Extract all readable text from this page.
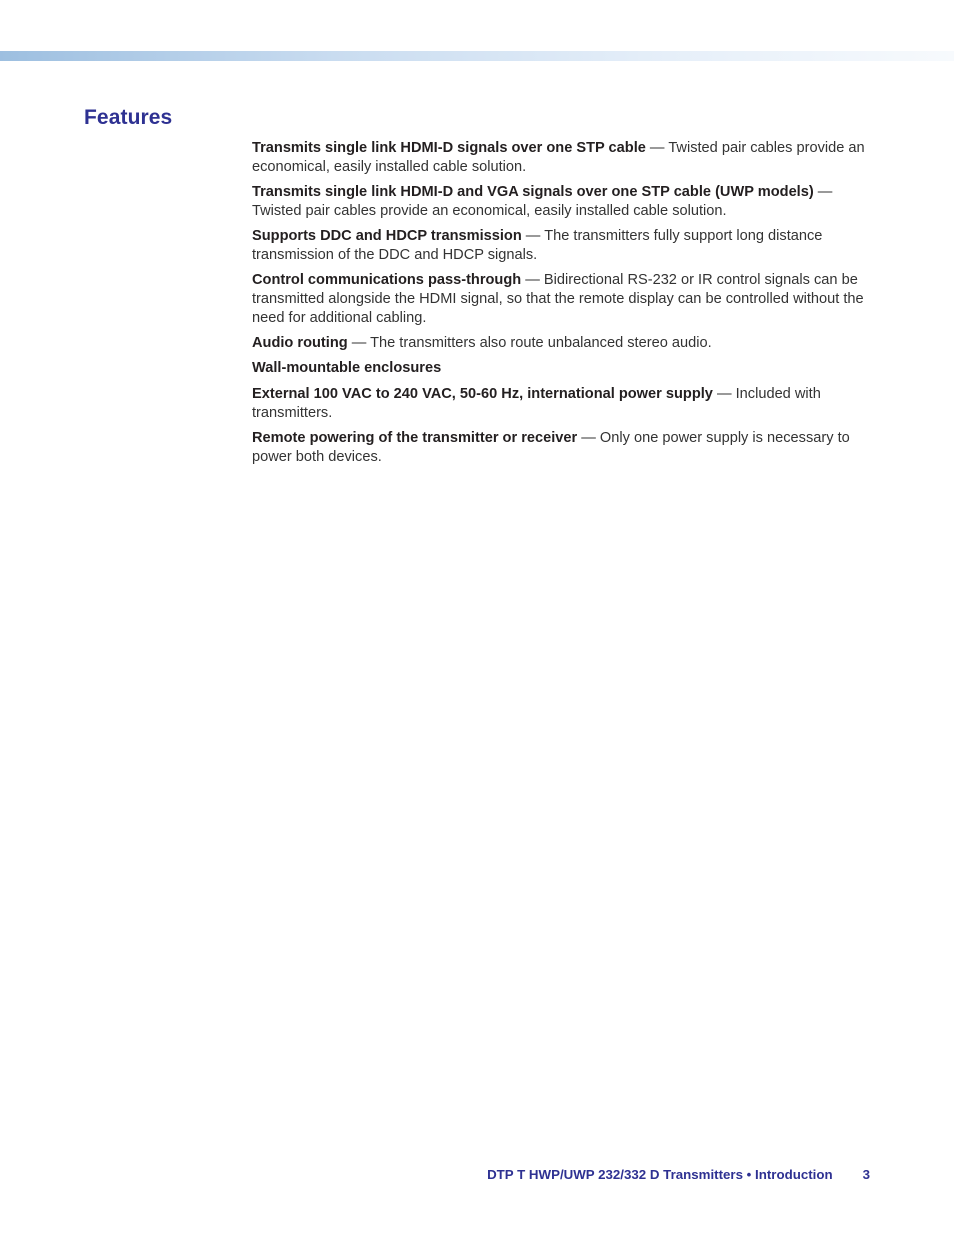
Features
Transmits single link HDMI-D signals over one STP cable — Twisted pair cables provide an economical, easily installed cable solution.
Transmits single link HDMI-D and VGA signals over one STP cable (UWP models) — Twisted pair cables provide an economical, easily installed cable solution.
Supports DDC and HDCP transmission — The transmitters fully support long distance transmission of the DDC and HDCP signals.
Control communications pass-through — Bidirectional RS-232 or IR control signals can be transmitted alongside the HDMI signal, so that the remote display can be controlled without the need for additional cabling.
Audio routing — The transmitters also route unbalanced stereo audio.
Wall-mountable enclosures
External 100 VAC to 240 VAC, 50-60 Hz, international power supply — Included with transmitters.
Remote powering of the transmitter or receiver — Only one power supply is necessary to power both devices.
DTP T HWP/UWP 232/332 D Transmitters • Introduction 3
